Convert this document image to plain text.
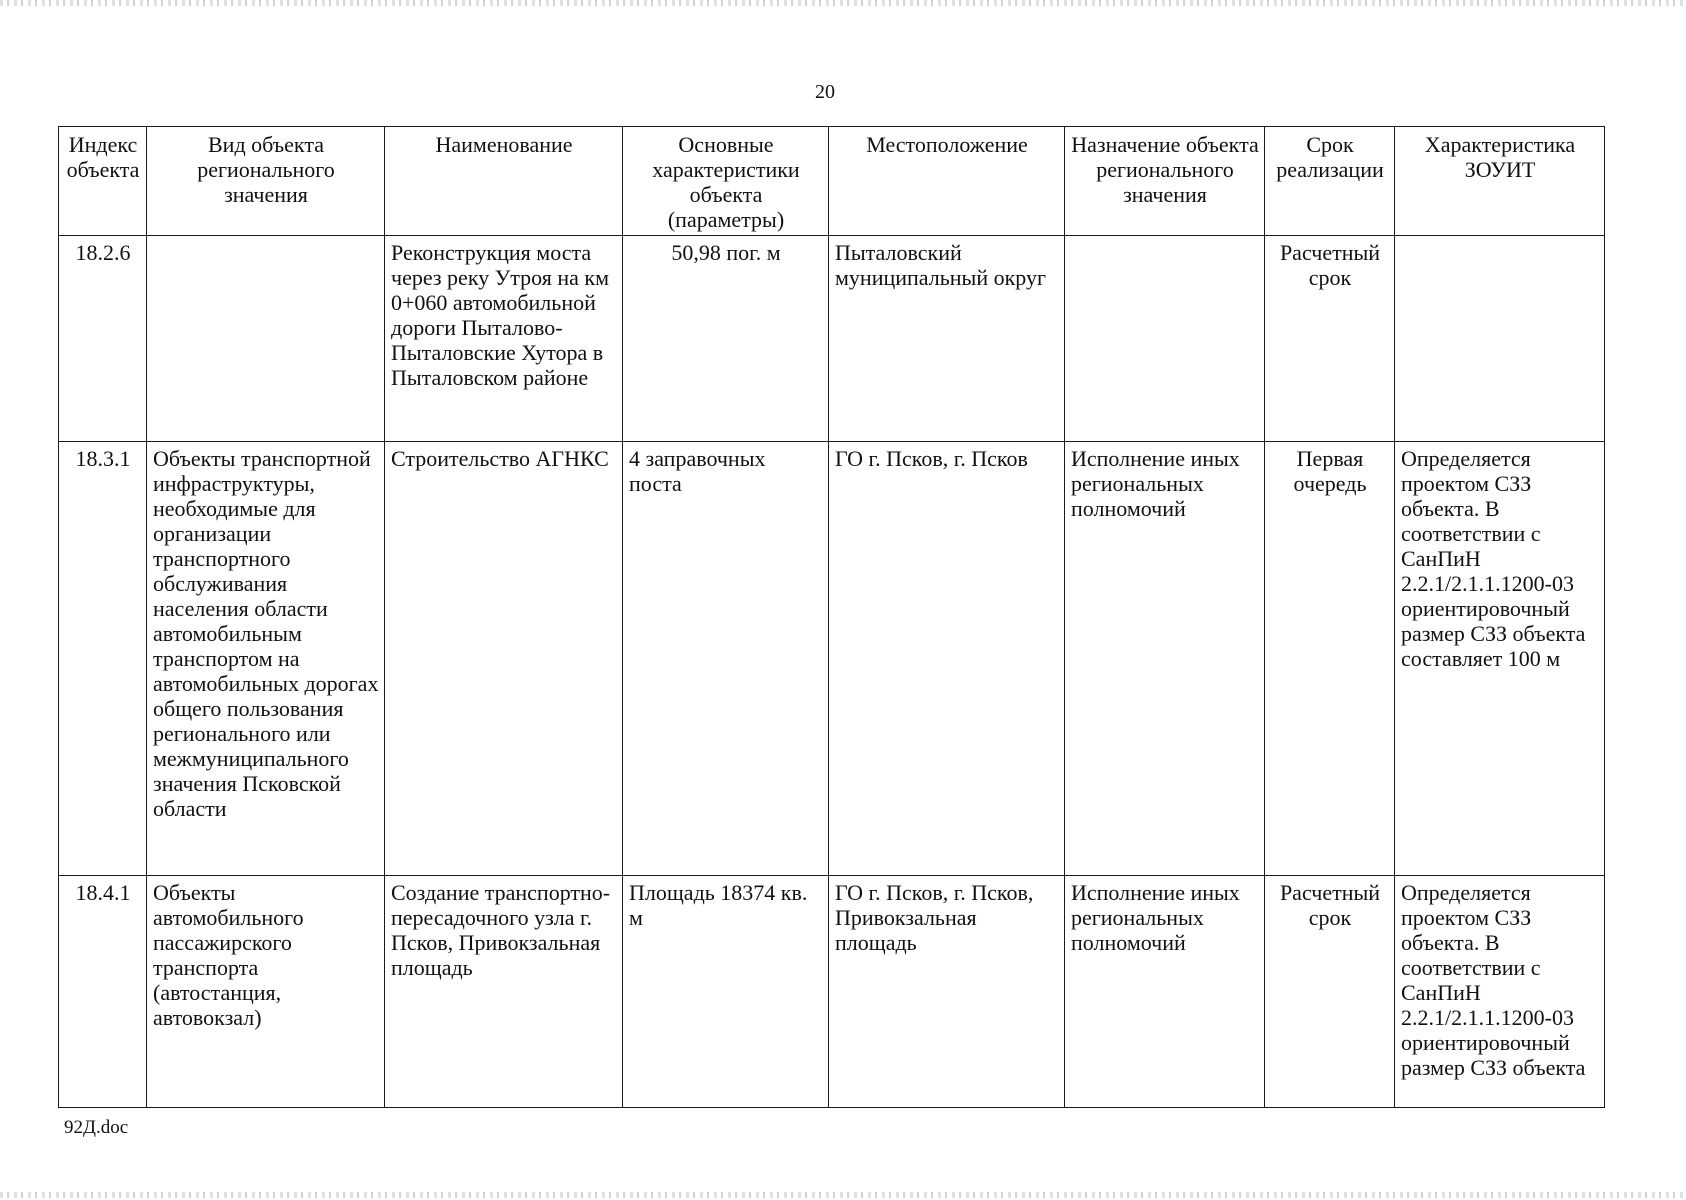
20
Индекс объекта	Вид объекта регионального значения	Наименование	Основные характеристики объекта (параметры)	Местоположение	Назначение объекта регионального значения	Срок реализации	Характеристика ЗОУИТ
18.2.6		Реконструкция моста через реку Утроя на км 0+060 автомобильной дороги Пыталово-Пыталовские Хутора в Пыталовском районе	50,98 пог. м	Пыталовский муниципальный округ		Расчетный срок	
18.3.1	Объекты транспортной инфраструктуры, необходимые для организации транспортного обслуживания населения области автомобильным транспортом на автомобильных дорогах общего пользования регионального или межмуниципального значения Псковской области	Строительство АГНКС	4 заправочных поста	ГО г. Псков, г. Псков	Исполнение иных региональных полномочий	Первая очередь	Определяется проектом СЗЗ объекта. В соответствии с СанПиН 2.2.1/2.1.1.1200-03 ориентировочный размер СЗЗ объекта составляет 100 м
18.4.1	Объекты автомобильного пассажирского транспорта (автостанция, автовокзал)	Создание транспортно-пересадочного узла г. Псков, Привокзальная площадь	Площадь 18374 кв. м	ГО г. Псков, г. Псков, Привокзальная площадь	Исполнение иных региональных полномочий	Расчетный срок	Определяется проектом СЗЗ объекта. В соответствии с СанПиН 2.2.1/2.1.1.1200-03 ориентировочный размер СЗЗ объекта
92Д.doc
